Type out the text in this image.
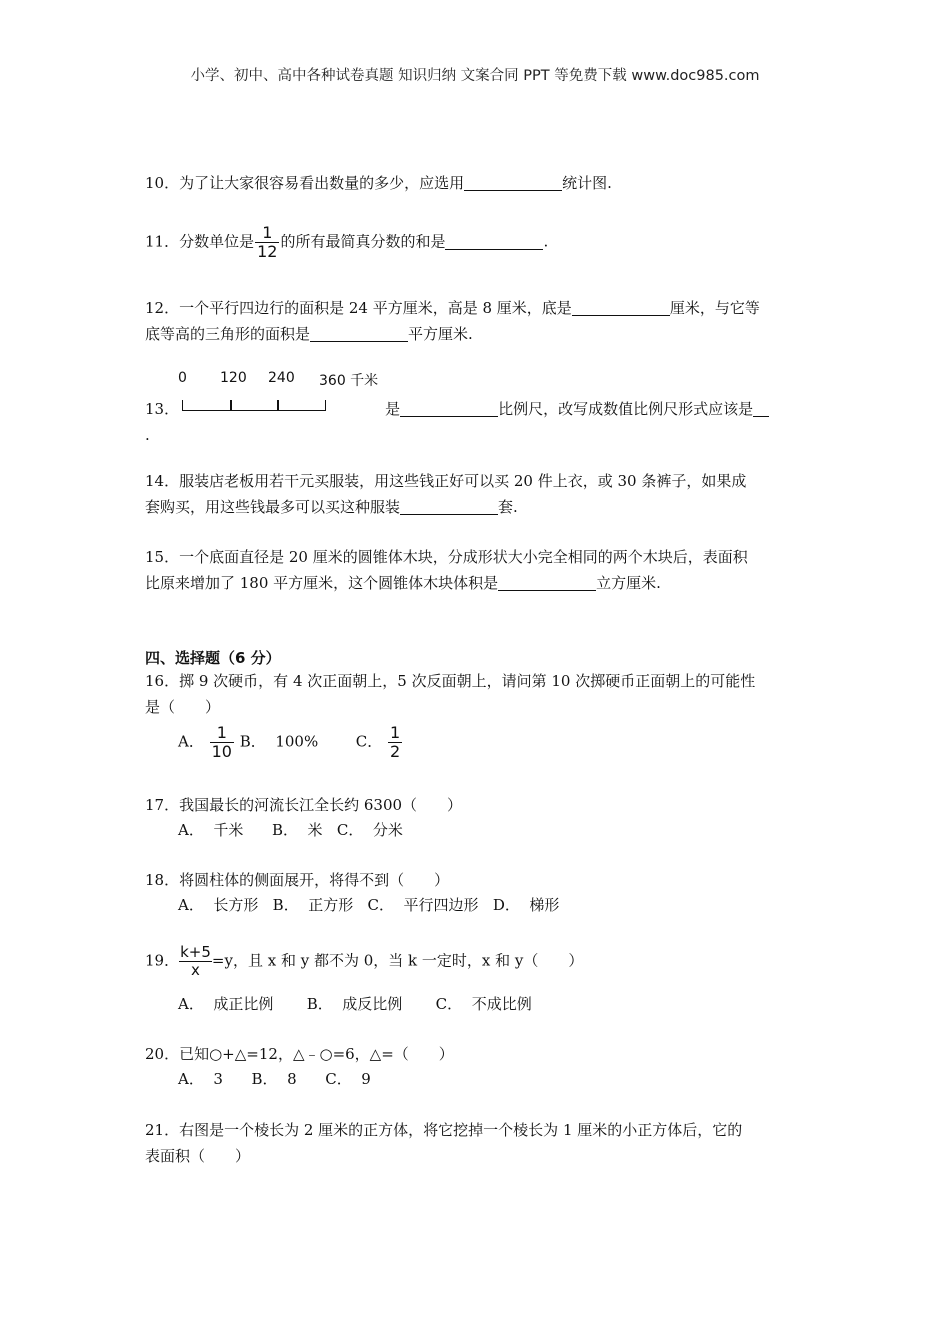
小学、初中、高中各种试卷真题 知识归纳 文案合同 PPT 等免费下载 www.doc985.com
10．为了让大家很容易看出数量的多少，应选用	统计图.
11．分数单位是 $\frac{1}{12}$ 的所有最简真分数的和是	.
12．一个平行四边行的面积是 24 平方厘米，高是 8 厘米，底是	厘米，与它等
底等高的三角形的面积是	平方厘米.
0 120 240 360 千米
13．	是	比例尺，改写成数值比例尺形式应该是
.
14．服装店老板用若干元买服装，用这些钱正好可以买 20 件上衣，或 30 条裤子，如果成
套购买，用这些钱最多可以买这种服装	套.
15．一个底面直径是 20 厘米的圆锥体木块，分成形状大小完全相同的两个木块后，表面积
比原来增加了 180 平方厘米，这个圆锥体木块体积是	立方厘米.
四、选择题（6 分）
16．掷 9 次硬币，有 4 次正面朝上，5 次反面朝上，请问第 10 次掷硬币正面朝上的可能性
是（　　）
A． $\frac{1}{10}$ B．  100%	C． $\frac{1}{2}$
17．我国最长的河流长江全长约 6300（　　）
A．  千米      B．  米   C．  分米
18．将圆柱体的侧面展开，将得不到（　　）
A．  长方形   B．  正方形   C．  平行四边形   D．  梯形
19． $\frac{k+5}{x} =y$，且 x 和 y 都不为 0，当 k 一定时，x 和 y（　　）
A．  成正比例       B．  成反比例       C．  不成比例
20．已知○+△=12，△﹣○=6，△=（　　）
A．  3      B．  8      C．  9
21．右图是一个棱长为 2 厘米的正方体，将它挖掉一个棱长为 1 厘米的小正方体后，它的
表面积（　　）
